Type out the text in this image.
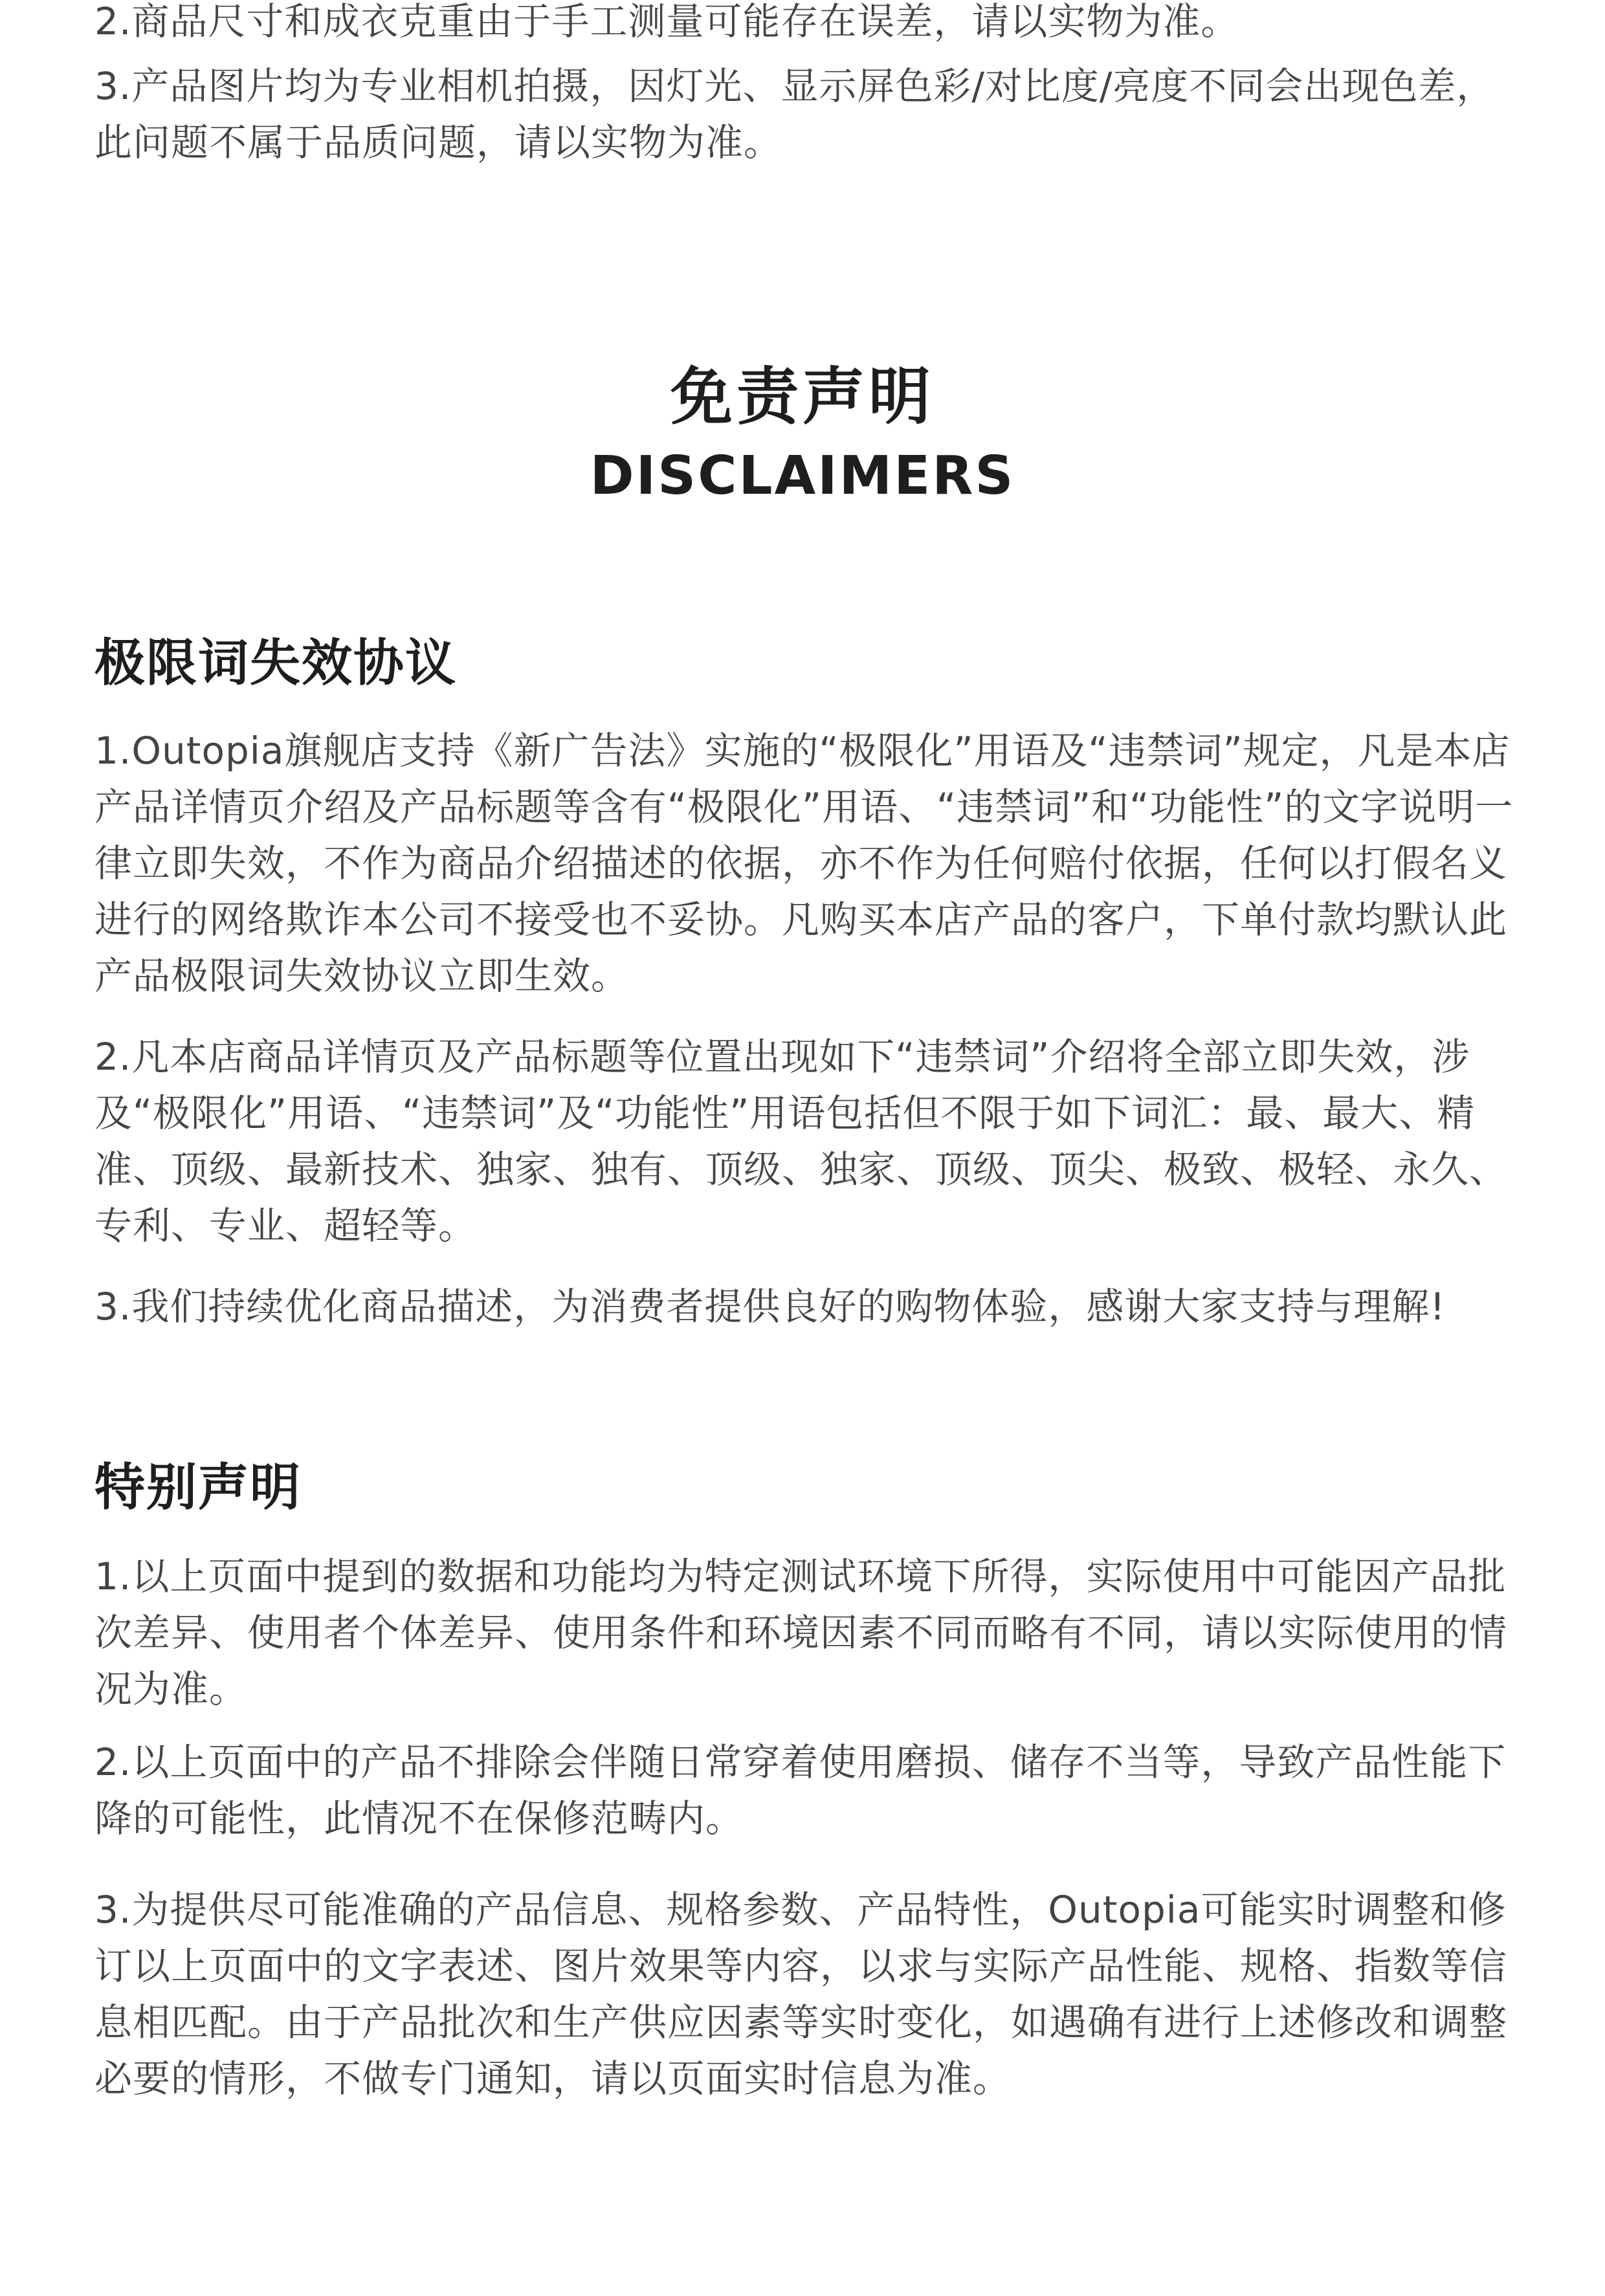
2.商品尺寸和成衣克重由于手工测量可能存在误差，请以实物为准。

3.产品图片均为专业相机拍摄，因灯光、显示屏色彩/对比度/亮度不同会出现色差，此问题不属于品质问题，请以实物为准。

免责声明
DISCLAIMERS
极限词失效协议

1.Outopia旗舰店支持《新广告法》实施的“极限化”用语及“违禁词”规定，凡是本店产品详情页介绍及产品标题等含有“极限化”用语、“违禁词”和“功能性”的文字说明一律立即失效，不作为商品介绍描述的依据，亦不作为任何赔付依据，任何以打假名义进行的网络欺诈本公司不接受也不妥协。凡购买本店产品的客户，下单付款均默认此产品极限词失效协议立即生效。

2.凡本店商品详情页及产品标题等位置出现如下“违禁词”介绍将全部立即失效，涉及“极限化”用语、“违禁词”及“功能性”用语包括但不限于如下词汇：最、最大、精准、顶级、最新技术、独家、独有、顶级、独家、顶级、顶尖、极致、极轻、永久、专利、专业、超轻等。

3.我们持续优化商品描述，为消费者提供良好的购物体验，感谢大家支持与理解!

特别声明

1.以上页面中提到的数据和功能均为特定测试环境下所得，实际使用中可能因产品批次差异、使用者个体差异、使用条件和环境因素不同而略有不同，请以实际使用的情况为准。

2.以上页面中的产品不排除会伴随日常穿着使用磨损、储存不当等，导致产品性能下降的可能性，此情况不在保修范畴内。

3.为提供尽可能准确的产品信息、规格参数、产品特性，Outopia可能实时调整和修订以上页面中的文字表述、图片效果等内容，以求与实际产品性能、规格、指数等信息相匹配。由于产品批次和生产供应因素等实时变化，如遇确有进行上述修改和调整必要的情形，不做专门通知，请以页面实时信息为准。
